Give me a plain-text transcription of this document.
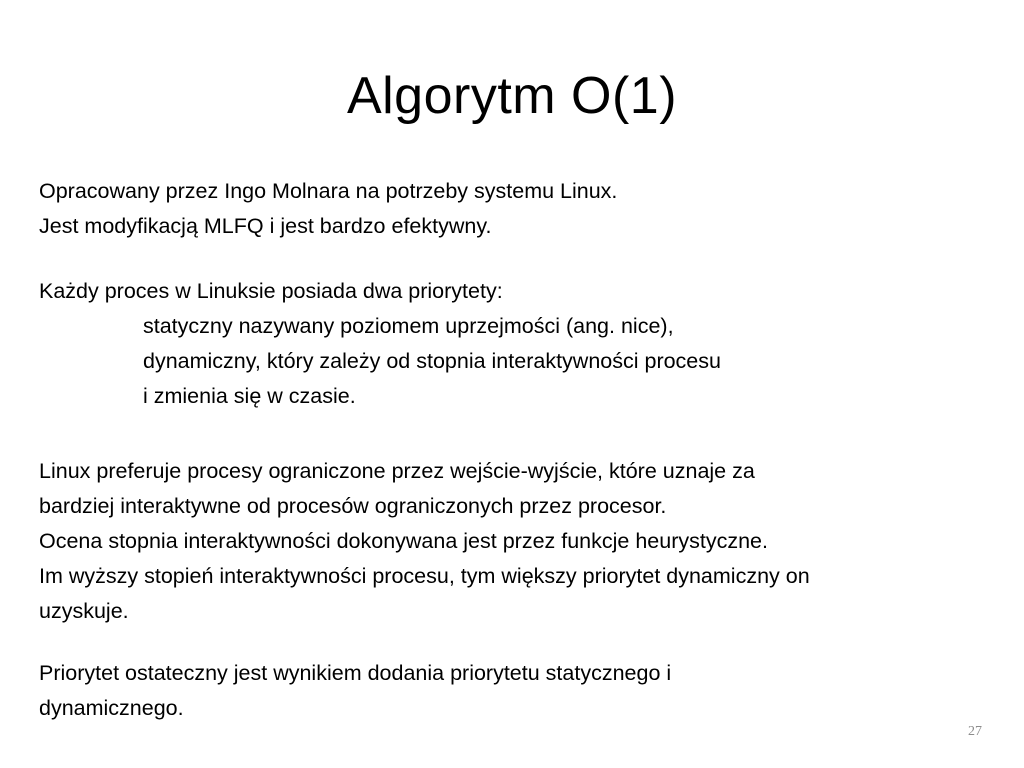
Algorytm O(1)
Opracowany przez Ingo Molnara na potrzeby systemu Linux.
Jest modyfikacją MLFQ i jest bardzo efektywny.
Każdy proces w Linuksie posiada dwa priorytety:
statyczny nazywany poziomem uprzejmości (ang. nice),
dynamiczny, który zależy od stopnia interaktywności procesu
i zmienia się w czasie.
Linux preferuje procesy ograniczone przez wejście-wyjście, które uznaje za
bardziej interaktywne od procesów ograniczonych przez procesor.
Ocena stopnia interaktywności dokonywana jest przez funkcje heurystyczne.
Im wyższy stopień interaktywności procesu, tym większy priorytet dynamiczny on
uzyskuje.
Priorytet ostateczny jest wynikiem dodania priorytetu statycznego i
dynamicznego.
27
